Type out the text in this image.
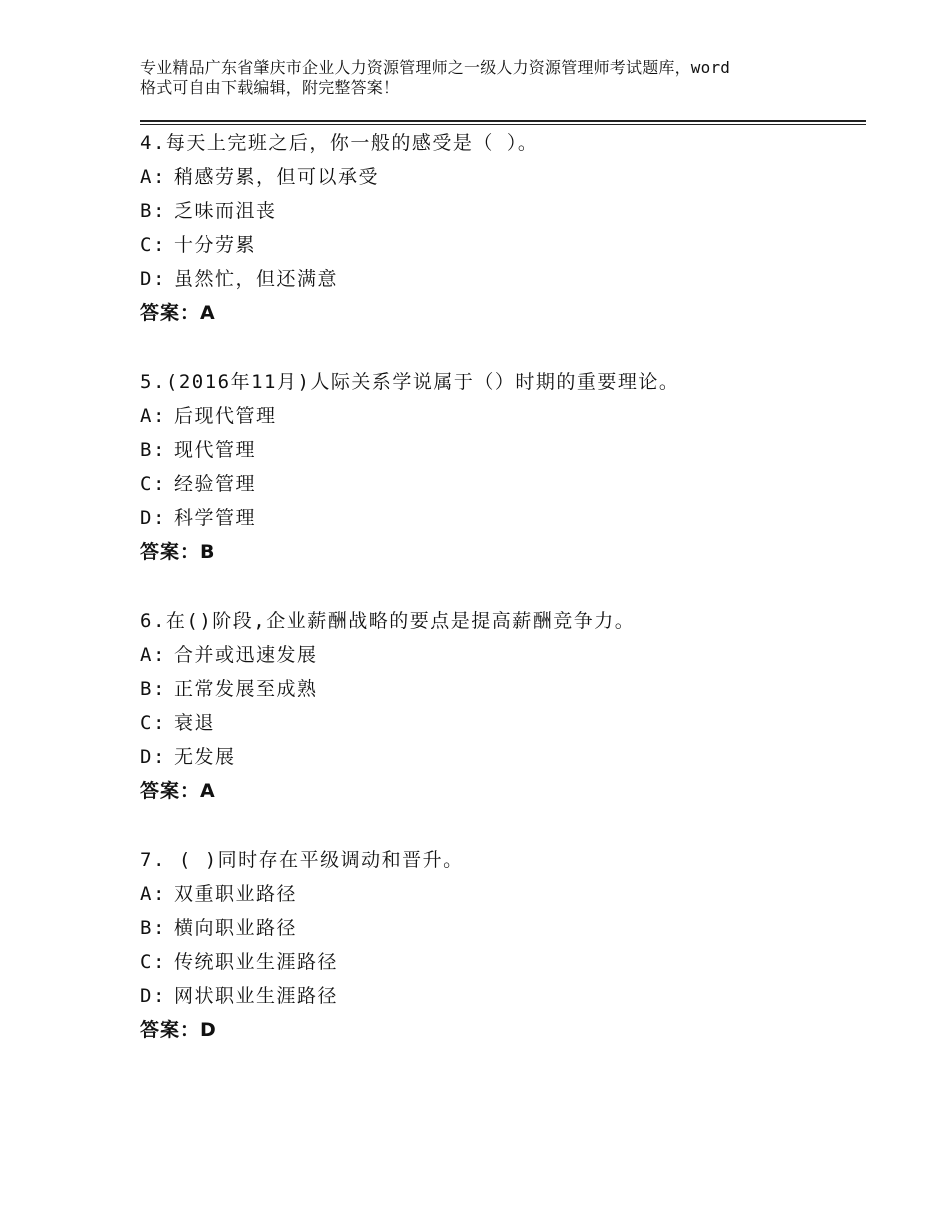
专业精品广东省肇庆市企业人力资源管理师之一级人力资源管理师考试题库，word
格式可自由下载编辑，附完整答案！
4.每天上完班之后，你一般的感受是（ ）。
A: 稍感劳累，但可以承受
B: 乏味而沮丧
C: 十分劳累
D: 虽然忙，但还满意
答案：A
5.(2016年11月)人际关系学说属于（）时期的重要理论。
A: 后现代管理
B: 现代管理
C: 经验管理
D: 科学管理
答案：B
6.在()阶段,企业薪酬战略的要点是提高薪酬竞争力。
A: 合并或迅速发展
B: 正常发展至成熟
C: 衰退
D: 无发展
答案：A
7. ( )同时存在平级调动和晋升。
A: 双重职业路径
B: 横向职业路径
C: 传统职业生涯路径
D: 网状职业生涯路径
答案：D
